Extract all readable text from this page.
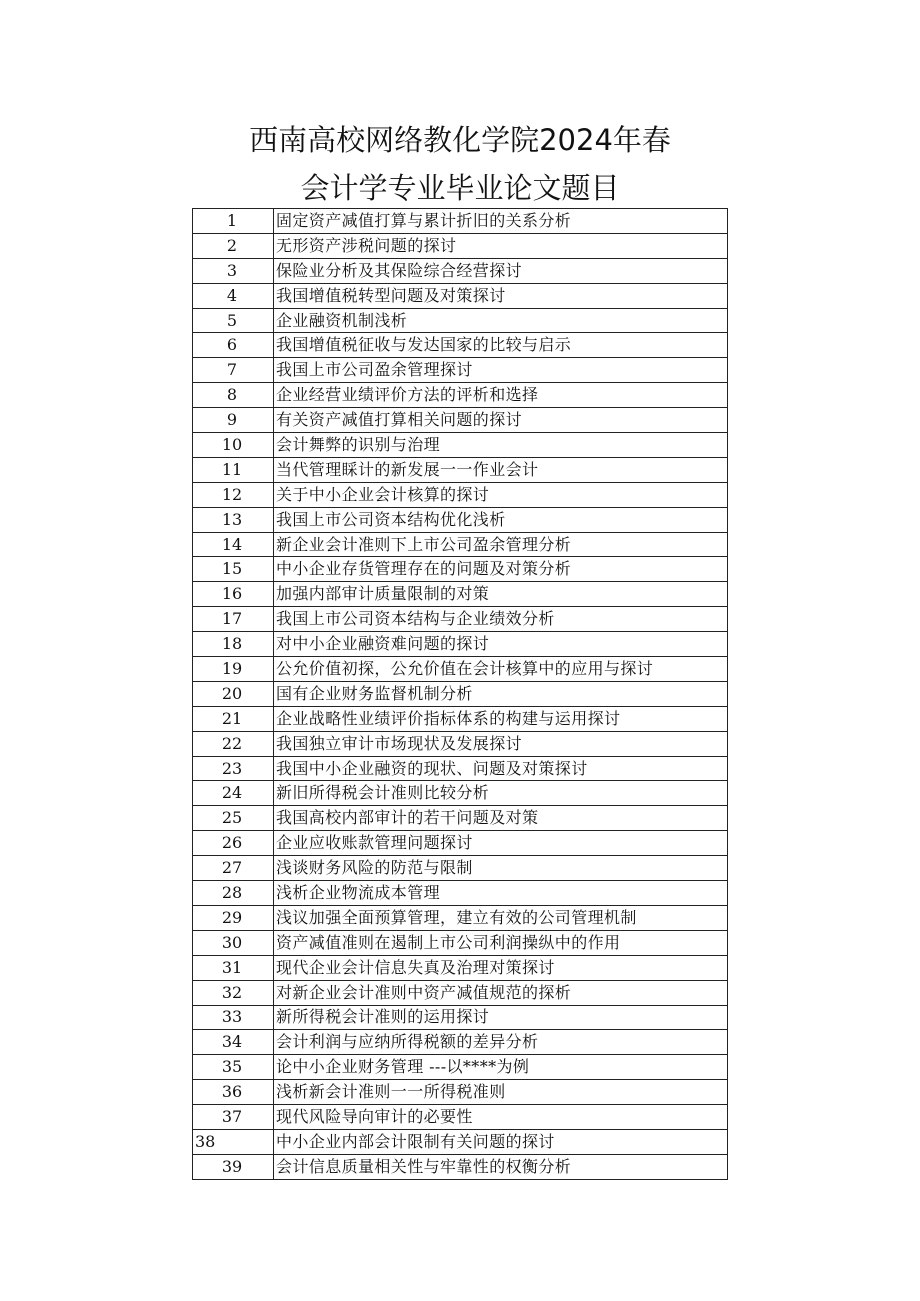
西南高校网络教化学院2024年春
会计学专业毕业论文题目
1	固定资产减值打算与累计折旧的关系分析
2	无形资产涉税问题的探讨
3	保险业分析及其保险综合经营探讨
4	我国增值税转型问题及对策探讨
5	企业融资机制浅析
6	我国增值税征收与发达国家的比较与启示
7	我国上市公司盈余管理探讨
8	企业经营业绩评价方法的评析和选择
9	有关资产减值打算相关问题的探讨
10	会计舞弊的识别与治理
11	当代管理睬计的新发展一一作业会计
12	关于中小企业会计核算的探讨
13	我国上市公司资本结构优化浅析
14	新企业会计准则下上市公司盈余管理分析
15	中小企业存货管理存在的问题及对策分析
16	加强内部审计质量限制的对策
17	我国上市公司资本结构与企业绩效分析
18	对中小企业融资难问题的探讨
19	公允价值初探，公允价值在会计核算中的应用与探讨
20	国有企业财务监督机制分析
21	企业战略性业绩评价指标体系的构建与运用探讨
22	我国独立审计市场现状及发展探讨
23	我国中小企业融资的现状、问题及对策探讨
24	新旧所得税会计准则比较分析
25	我国高校内部审计的若干问题及对策
26	企业应收账款管理问题探讨
27	浅谈财务风险的防范与限制
28	浅析企业物流成本管理
29	浅议加强全面预算管理，建立有效的公司管理机制
30	资产减值准则在遏制上市公司利润操纵中的作用
31	现代企业会计信息失真及治理对策探讨
32	对新企业会计准则中资产减值规范的探析
33	新所得税会计准则的运用探讨
34	会计利润与应纳所得税额的差异分析
35	论中小企业财务管理 ---以****为例
36	浅析新会计准则一一所得税准则
37	现代风险导向审计的必要性
38	中小企业内部会计限制有关问题的探讨
39	会计信息质量相关性与牢靠性的权衡分析
